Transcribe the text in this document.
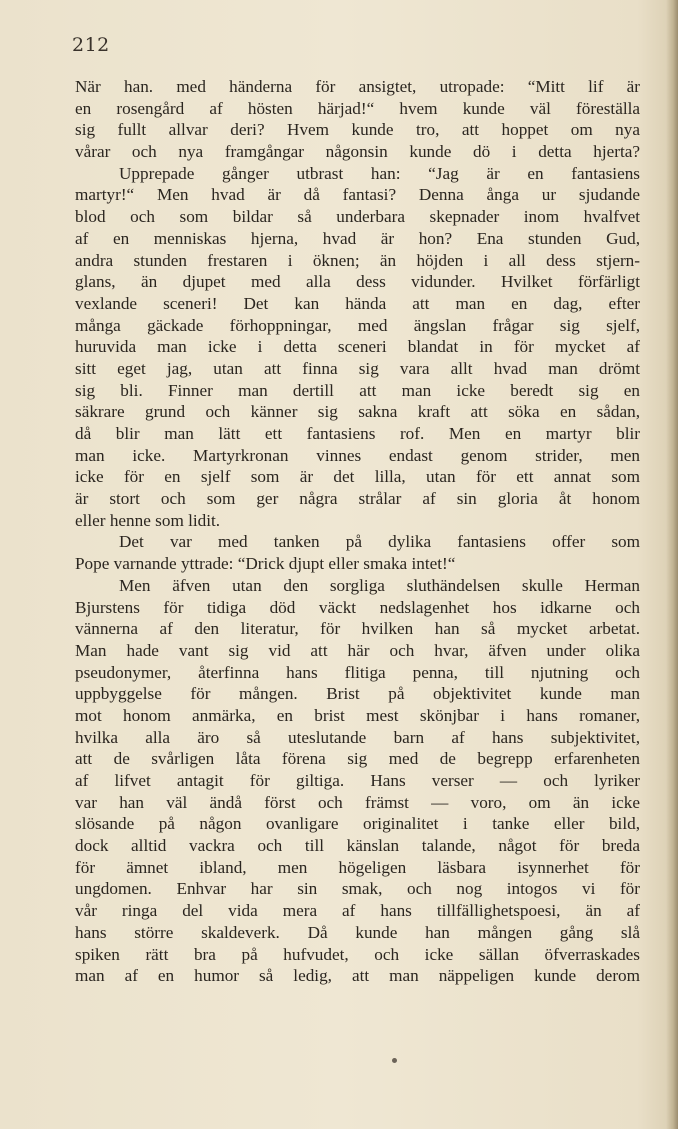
212
När han. med händerna för ansigtet, utropade: “Mitt lif är
en rosengård af hösten härjad!“ hvem kunde väl föreställa
sig fullt allvar deri? Hvem kunde tro, att hoppet om nya
vårar och nya framgångar någonsin kunde dö i detta hjerta?
Upprepade gånger utbrast han: “Jag är en fantasiens
martyr!“ Men hvad är då fantasi? Denna ånga ur sjudande
blod och som bildar så underbara skepnader inom hvalfvet
af en menniskas hjerna, hvad är hon? Ena stunden Gud,
andra stunden frestaren i öknen; än höjden i all dess stjern-
glans, än djupet med alla dess vidunder. Hvilket förfärligt
vexlande sceneri! Det kan hända att man en dag, efter
många gäckade förhoppningar, med ängslan frågar sig sjelf,
huruvida man icke i detta sceneri blandat in för mycket af
sitt eget jag, utan att finna sig vara allt hvad man drömt
sig bli. Finner man dertill att man icke beredt sig en
säkrare grund och känner sig sakna kraft att söka en sådan,
då blir man lätt ett fantasiens rof. Men en martyr blir
man icke. Martyrkronan vinnes endast genom strider, men
icke för en sjelf som är det lilla, utan för ett annat som
är stort och som ger några strålar af sin gloria åt honom
eller henne som lidit.
Det var med tanken på dylika fantasiens offer som
Pope varnande yttrade: “Drick djupt eller smaka intet!“
Men äfven utan den sorgliga sluthändelsen skulle Herman
Bjurstens för tidiga död väckt nedslagenhet hos idkarne och
vännerna af den literatur, för hvilken han så mycket arbetat.
Man hade vant sig vid att här och hvar, äfven under olika
pseudonymer, återfinna hans flitiga penna, till njutning och
uppbyggelse för mången. Brist på objektivitet kunde man
mot honom anmärka, en brist mest skönjbar i hans romaner,
hvilka alla äro så uteslutande barn af hans subjektivitet,
att de svårligen låta förena sig med de begrepp erfarenheten
af lifvet antagit för giltiga. Hans verser — och lyriker
var han väl ändå först och främst — voro, om än icke
slösande på någon ovanligare originalitet i tanke eller bild,
dock alltid vackra och till känslan talande, något för breda
för ämnet ibland, men högeligen läsbara isynnerhet för
ungdomen. Enhvar har sin smak, och nog intogos vi för
vår ringa del vida mera af hans tillfällighetspoesi, än af
hans större skaldeverk. Då kunde han mången gång slå
spiken rätt bra på hufvudet, och icke sällan öfverraskades
man af en humor så ledig, att man näppeligen kunde derom
